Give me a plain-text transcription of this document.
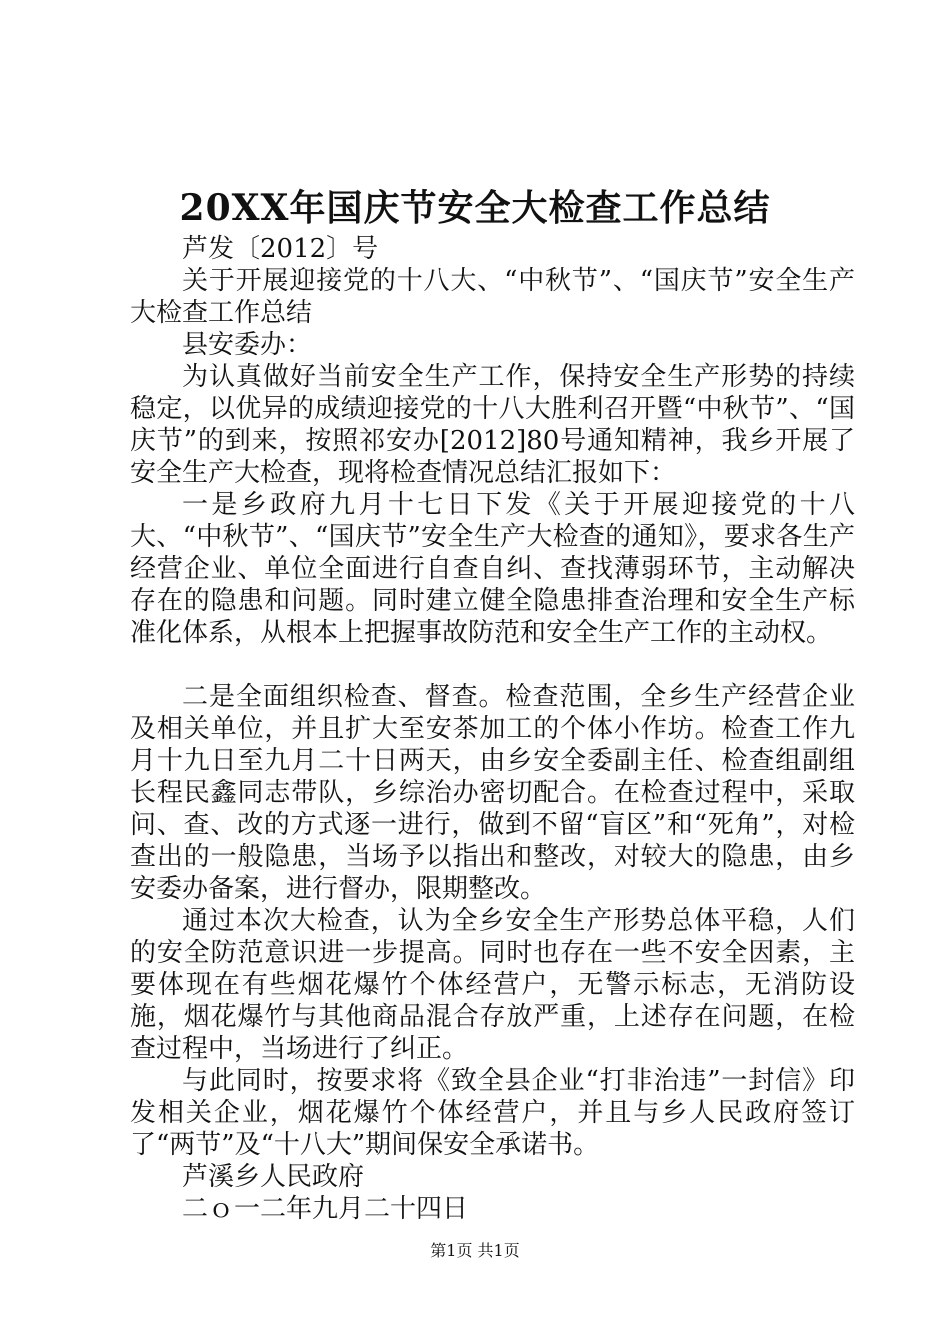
20XX年国庆节安全大检查工作总结

芦发〔2012〕号

关于开展迎接党的十八大、“中秋节”、“国庆节”安全生产大检查工作总结

县安委办：

为认真做好当前安全生产工作，保持安全生产形势的持续稳定，以优异的成绩迎接党的十八大胜利召开暨“中秋节”、“国庆节”的到来，按照祁安办[2012]80号通知精神，我乡开展了安全生产大检查，现将检查情况总结汇报如下：

一是乡政府九月十七日下发《关于开展迎接党的十八大、“中秋节”、“国庆节”安全生产大检查的通知》，要求各生产经营企业、单位全面进行自查自纠、查找薄弱环节，主动解决存在的隐患和问题。同时建立健全隐患排查治理和安全生产标准化体系，从根本上把握事故防范和安全生产工作的主动权。

二是全面组织检查、督查。检查范围，全乡生产经营企业及相关单位，并且扩大至安茶加工的个体小作坊。检查工作九月十九日至九月二十日两天，由乡安全委副主任、检查组副组长程民鑫同志带队，乡综治办密切配合。在检查过程中，采取问、查、改的方式逐一进行，做到不留“盲区”和“死角”，对检查出的一般隐患，当场予以指出和整改，对较大的隐患，由乡安委办备案，进行督办，限期整改。

通过本次大检查，认为全乡安全生产形势总体平稳，人们的安全防范意识进一步提高。同时也存在一些不安全因素，主要体现在有些烟花爆竹个体经营户，无警示标志，无消防设施，烟花爆竹与其他商品混合存放严重，上述存在问题，在检查过程中，当场进行了纠正。

与此同时，按要求将《致全县企业“打非治违”一封信》印发相关企业，烟花爆竹个体经营户，并且与乡人民政府签订了“两节”及“十八大”期间保安全承诺书。

芦溪乡人民政府

二ｏ一二年九月二十四日

第1页 共1页
